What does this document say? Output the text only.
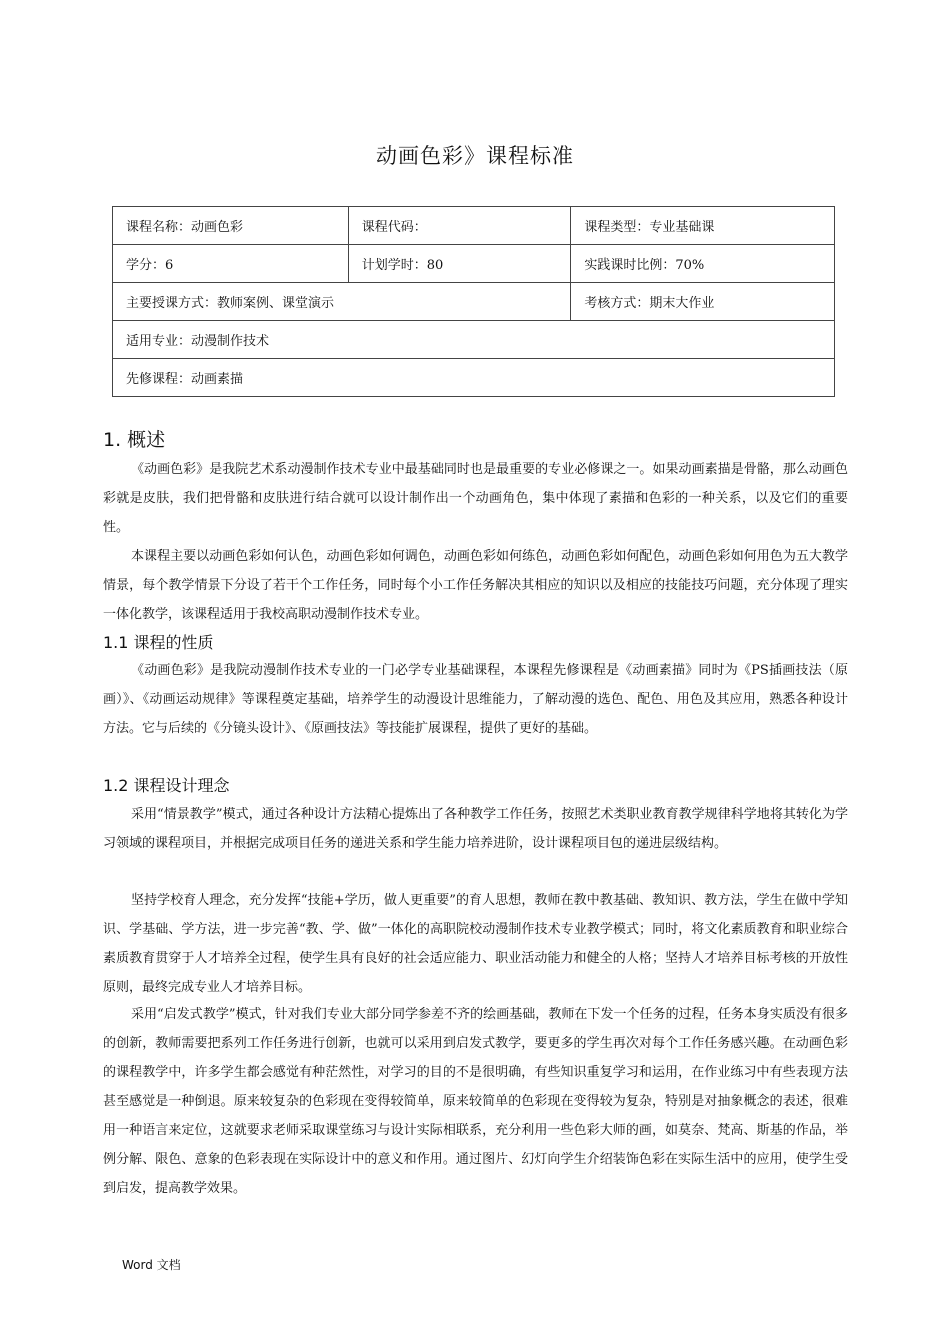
动画色彩》课程标准
课程名称：动画色彩	课程代码：	课程类型：专业基础课
学分：6	计划学时：80	实践课时比例：70%
主要授课方式：教师案例、课堂演示		考核方式：期末大作业
适用专业：动漫制作技术		
先修课程：动画素描		
1. 概述
《动画色彩》是我院艺术系动漫制作技术专业中最基础同时也是最重要的专业必修课之一。如果动画素描是骨骼，那么动画色彩就是皮肤，我们把骨骼和皮肤进行结合就可以设计制作出一个动画角色，集中体现了素描和色彩的一种关系，以及它们的重要性。
本课程主要以动画色彩如何认色，动画色彩如何调色，动画色彩如何练色，动画色彩如何配色，动画色彩如何用色为五大教学情景，每个教学情景下分设了若干个工作任务，同时每个小工作任务解决其相应的知识以及相应的技能技巧问题，充分体现了理实一体化教学，该课程适用于我校高职动漫制作技术专业。
1.1 课程的性质
《动画色彩》是我院动漫制作技术专业的一门必学专业基础课程，本课程先修课程是《动画素描》同时为《PS插画技法（原画）》、《动画运动规律》等课程奠定基础，培养学生的动漫设计思维能力，了解动漫的选色、配色、用色及其应用，熟悉各种设计方法。它与后续的《分镜头设计》、《原画技法》等技能扩展课程，提供了更好的基础。
1.2 课程设计理念
采用“情景教学”模式，通过各种设计方法精心提炼出了各种教学工作任务，按照艺术类职业教育教学规律科学地将其转化为学习领域的课程项目，并根据完成项目任务的递进关系和学生能力培养进阶，设计课程项目包的递进层级结构。
坚持学校育人理念，充分发挥“技能+学历，做人更重要”的育人思想，教师在教中教基础、教知识、教方法，学生在做中学知识、学基础、学方法，进一步完善“教、学、做”一体化的高职院校动漫制作技术专业教学模式；同时，将文化素质教育和职业综合素质教育贯穿于人才培养全过程，使学生具有良好的社会适应能力、职业活动能力和健全的人格；坚持人才培养目标考核的开放性原则，最终完成专业人才培养目标。
采用“启发式教学”模式，针对我们专业大部分同学参差不齐的绘画基础，教师在下发一个任务的过程，任务本身实质没有很多的创新，教师需要把系列工作任务进行创新，也就可以采用到启发式教学，要更多的学生再次对每个工作任务感兴趣。在动画色彩的课程教学中，许多学生都会感觉有种茫然性，对学习的目的不是很明确，有些知识重复学习和运用，在作业练习中有些表现方法甚至感觉是一种倒退。原来较复杂的色彩现在变得较简单，原来较简单的色彩现在变得较为复杂，特别是对抽象概念的表述，很难用一种语言来定位，这就要求老师采取课堂练习与设计实际相联系，充分利用一些色彩大师的画，如莫奈、梵高、斯基的作品，举例分解、限色、意象的色彩表现在实际设计中的意义和作用。通过图片、幻灯向学生介绍装饰色彩在实际生活中的应用，使学生受到启发，提高教学效果。
Word 文档
